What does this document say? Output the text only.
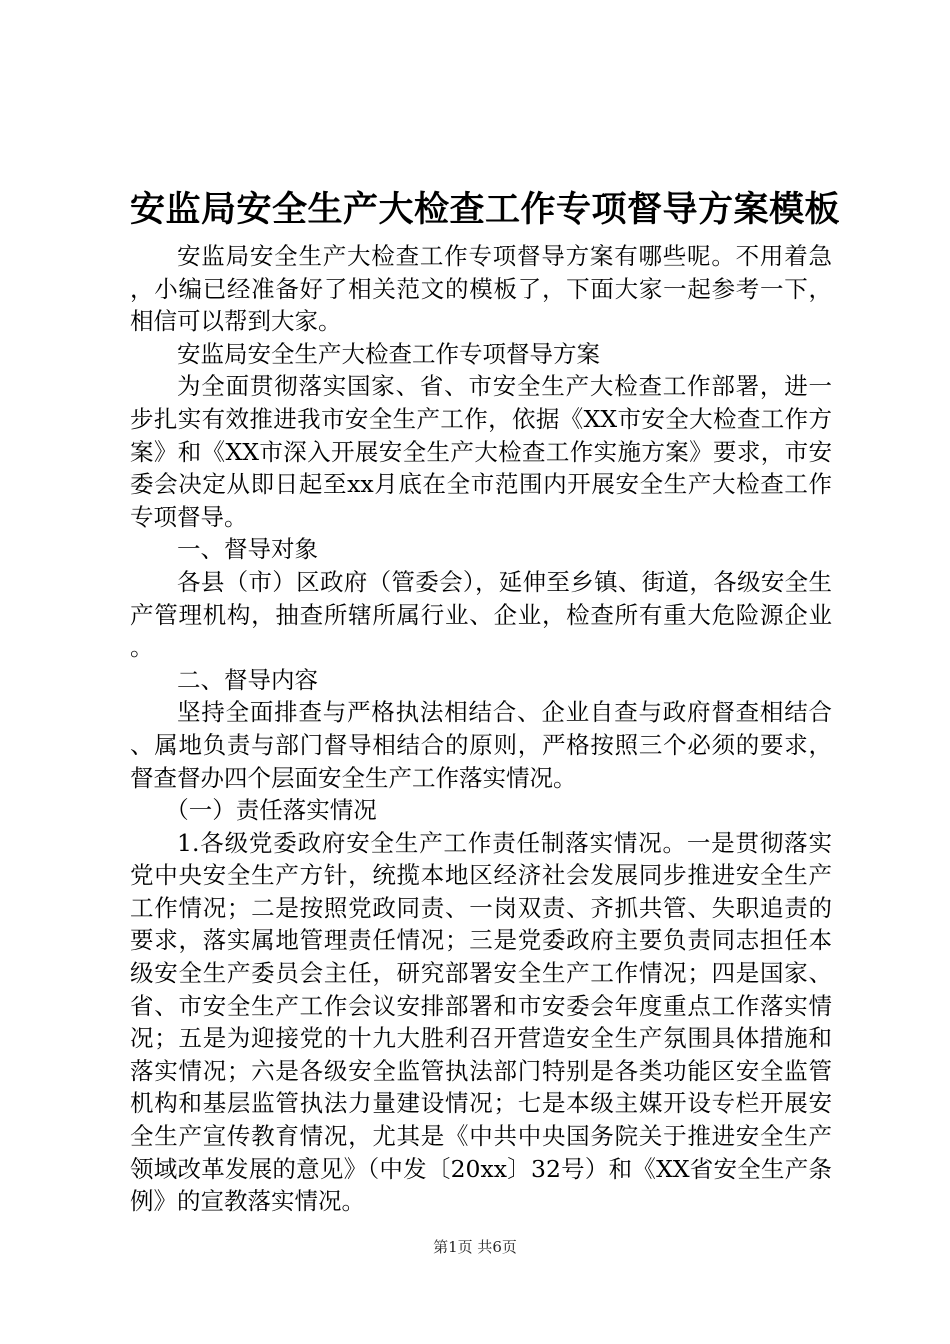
安监局安全生产大检查工作专项督导方案模板

安监局安全生产大检查工作专项督导方案有哪些呢。不用着急，小编已经准备好了相关范文的模板了，下面大家一起参考一下，相信可以帮到大家。

安监局安全生产大检查工作专项督导方案

为全面贯彻落实国家、省、市安全生产大检查工作部署，进一步扎实有效推进我市安全生产工作，依据《XX市安全大检查工作方案》和《XX市深入开展安全生产大检查工作实施方案》要求，市安委会决定从即日起至xx月底在全市范围内开展安全生产大检查工作专项督导。

一、督导对象

各县（市）区政府（管委会），延伸至乡镇、街道，各级安全生产管理机构，抽查所辖所属行业、企业，检查所有重大危险源企业。

二、督导内容

坚持全面排查与严格执法相结合、企业自查与政府督查相结合、属地负责与部门督导相结合的原则，严格按照三个必须的要求，督查督办四个层面安全生产工作落实情况。

（一）责任落实情况

1.各级党委政府安全生产工作责任制落实情况。一是贯彻落实党中央安全生产方针，统揽本地区经济社会发展同步推进安全生产工作情况；二是按照党政同责、一岗双责、齐抓共管、失职追责的要求，落实属地管理责任情况；三是党委政府主要负责同志担任本级安全生产委员会主任，研究部署安全生产工作情况；四是国家、省、市安全生产工作会议安排部署和市安委会年度重点工作落实情况；五是为迎接党的十九大胜利召开营造安全生产氛围具体措施和落实情况；六是各级安全监管执法部门特别是各类功能区安全监管机构和基层监管执法力量建设情况；七是本级主媒开设专栏开展安全生产宣传教育情况，尤其是《中共中央国务院关于推进安全生产领域改革发展的意见》（中发〔20xx〕32号）和《XX省安全生产条例》的宣教落实情况。

第1页 共6页
